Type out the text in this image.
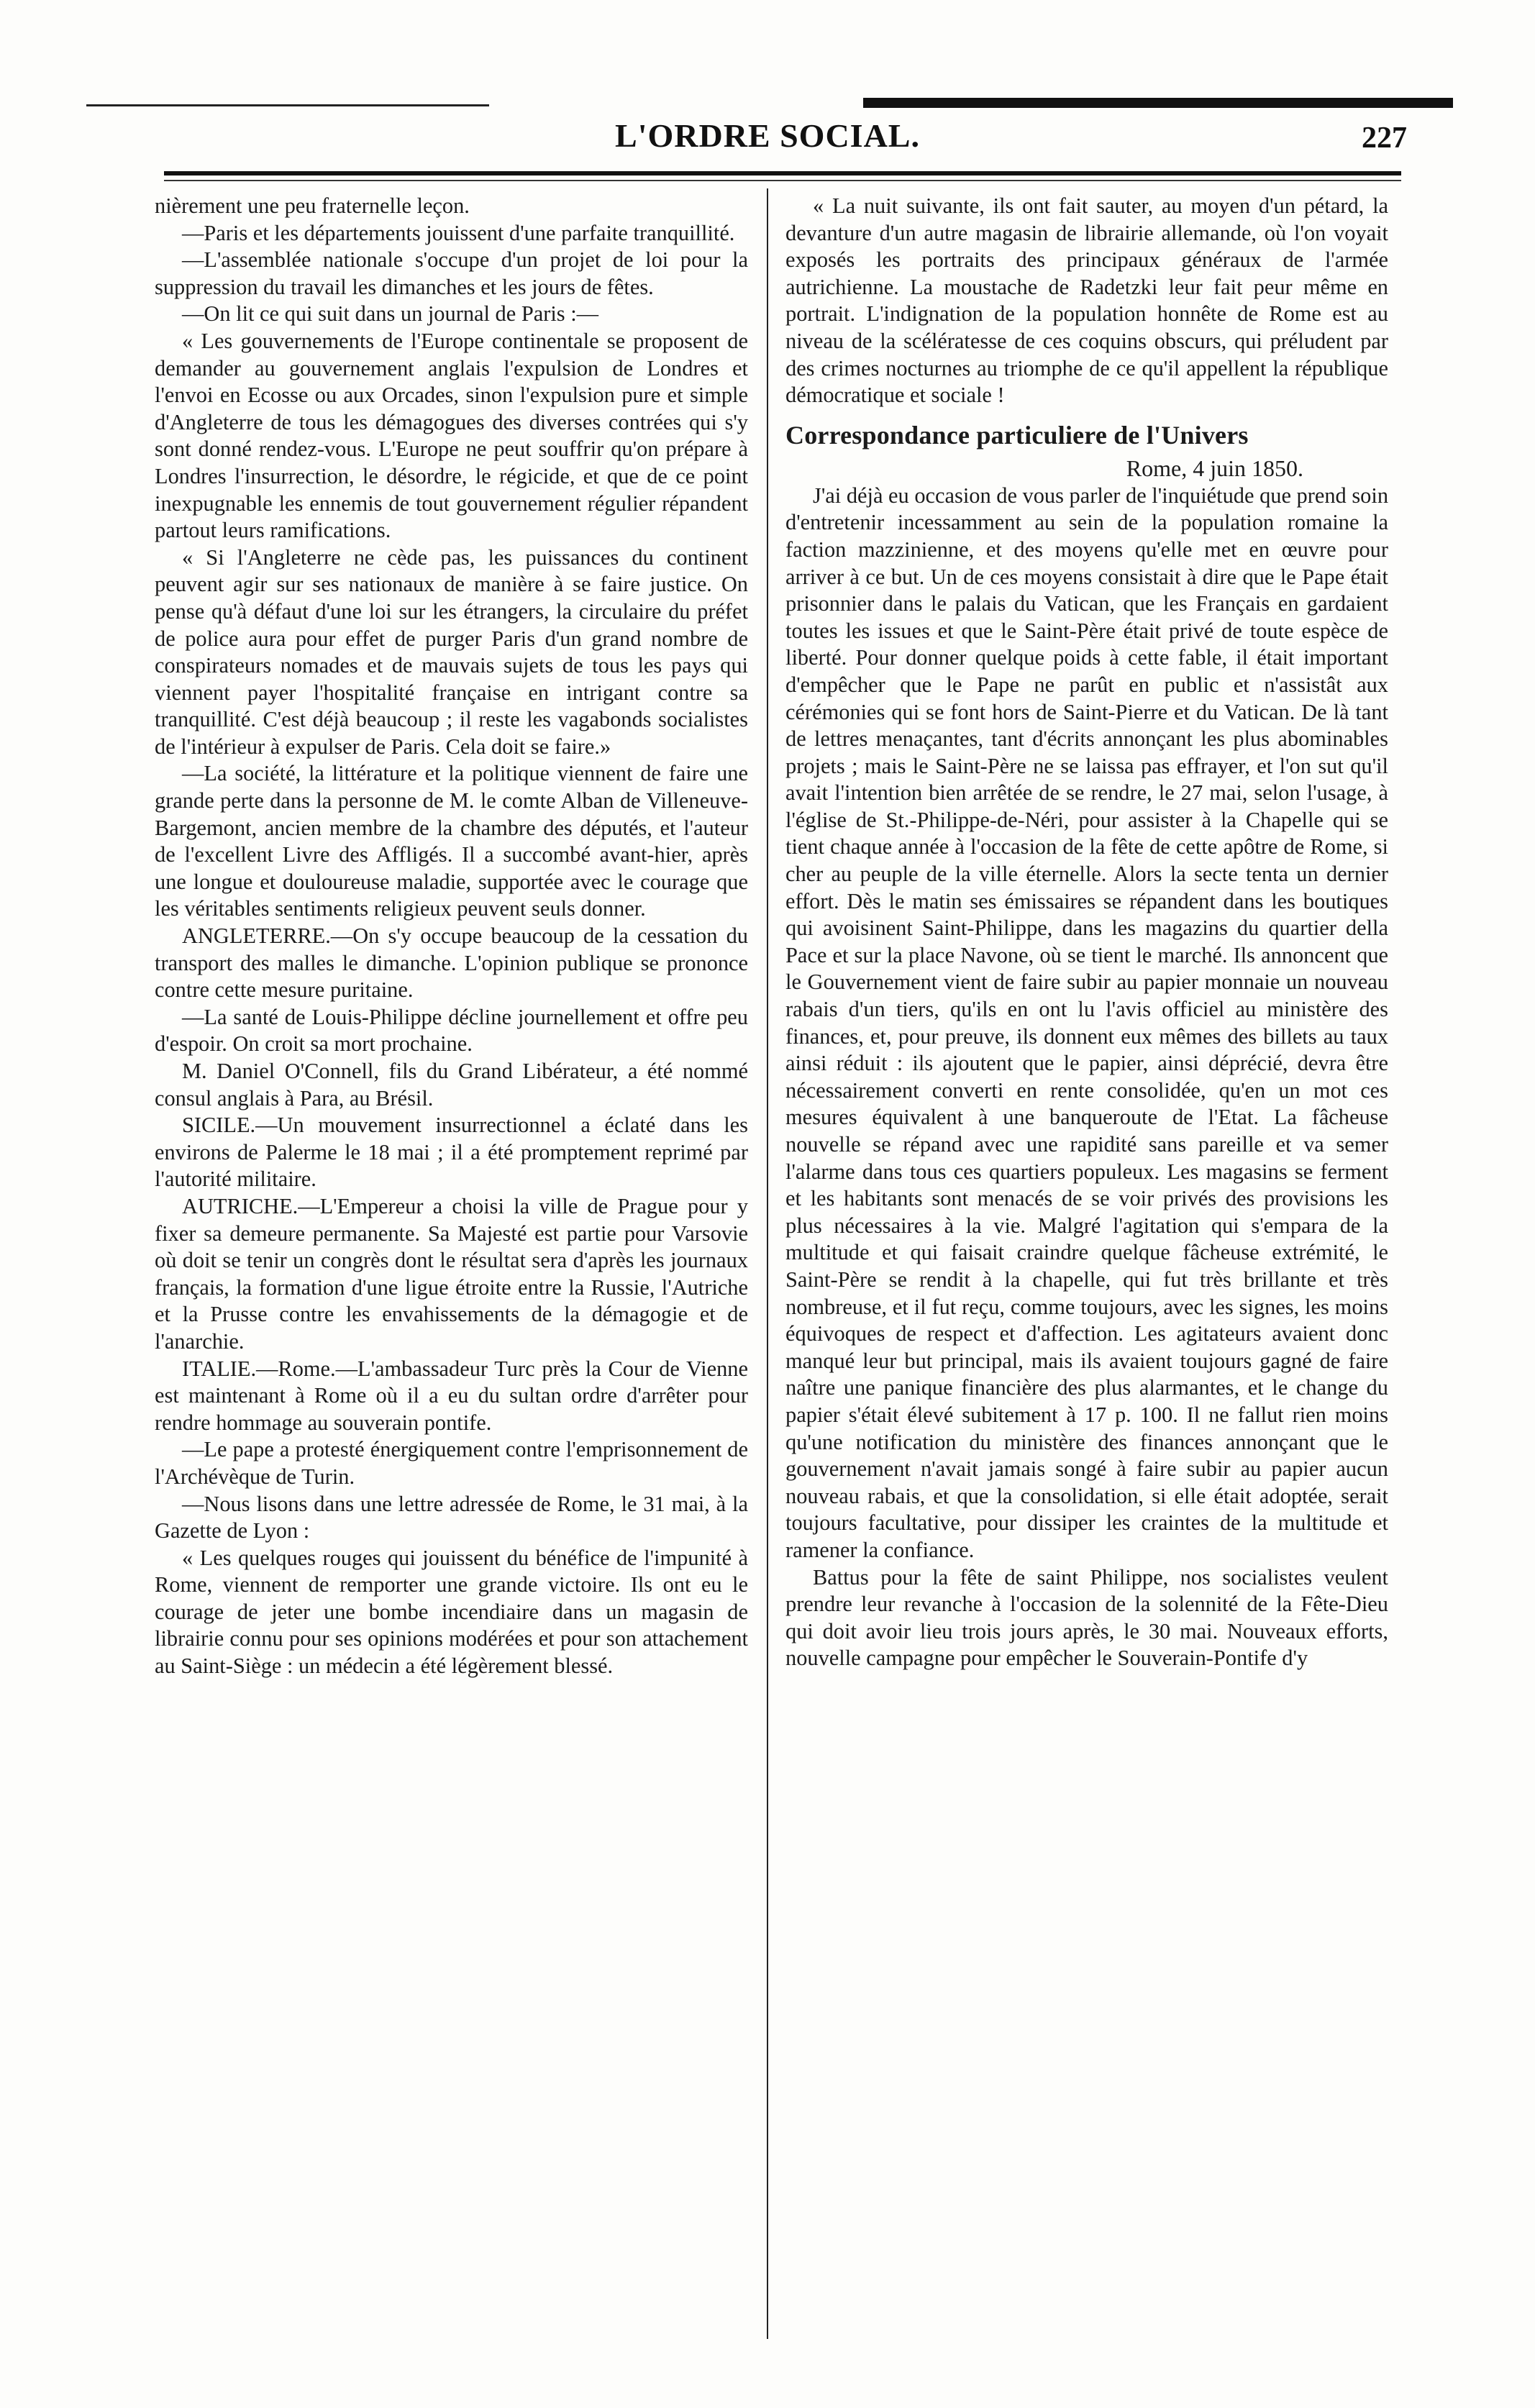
L'ORDRE SOCIAL.	227

nièrement une peu fraternelle leçon.

—Paris et les départements jouissent d'une parfaite tranquillité.

—L'assemblée nationale s'occupe d'un projet de loi pour la suppression du travail les dimanches et les jours de fêtes.

—On lit ce qui suit dans un journal de Paris :—

« Les gouvernements de l'Europe continentale se proposent de demander au gouvernement anglais l'expulsion de Londres et l'envoi en Ecosse ou aux Orcades, sinon l'expulsion pure et simple d'Angleterre de tous les démagogues des diverses contrées qui s'y sont donné rendez-vous. L'Europe ne peut souffrir qu'on prépare à Londres l'insurrection, le désordre, le régicide, et que de ce point inexpugnable les ennemis de tout gouvernement régulier répandent partout leurs ramifications.

« Si l'Angleterre ne cède pas, les puissances du continent peuvent agir sur ses nationaux de manière à se faire justice. On pense qu'à défaut d'une loi sur les étrangers, la circulaire du préfet de police aura pour effet de purger Paris d'un grand nombre de conspirateurs nomades et de mauvais sujets de tous les pays qui viennent payer l'hospitalité française en intrigant contre sa tranquillité. C'est déjà beaucoup ; il reste les vagabonds socialistes de l'intérieur à expulser de Paris. Cela doit se faire.»

—La société, la littérature et la politique viennent de faire une grande perte dans la personne de M. le comte Alban de Villeneuve-Bargemont, ancien membre de la chambre des députés, et l'auteur de l'excellent Livre des Affligés. Il a succombé avant-hier, après une longue et douloureuse maladie, supportée avec le courage que les véritables sentiments religieux peuvent seuls donner.

ANGLETERRE.—On s'y occupe beaucoup de la cessation du transport des malles le dimanche. L'opinion publique se prononce contre cette mesure puritaine.

—La santé de Louis-Philippe décline journellement et offre peu d'espoir. On croit sa mort prochaine.

M. Daniel O'Connell, fils du Grand Libérateur, a été nommé consul anglais à Para, au Brésil.

SICILE.—Un mouvement insurrectionnel a éclaté dans les environs de Palerme le 18 mai ; il a été promptement reprimé par l'autorité militaire.

AUTRICHE.—L'Empereur a choisi la ville de Prague pour y fixer sa demeure permanente. Sa Majesté est partie pour Varsovie où doit se tenir un congrès dont le résultat sera d'après les journaux français, la formation d'une ligue étroite entre la Russie, l'Autriche et la Prusse contre les envahissements de la démagogie et de l'anarchie.

ITALIE.—Rome.—L'ambassadeur Turc près la Cour de Vienne est maintenant à Rome où il a eu du sultan ordre d'arrêter pour rendre hommage au souverain pontife.

—Le pape a protesté énergiquement contre l'emprisonnement de l'Archévèque de Turin.

—Nous lisons dans une lettre adressée de Rome, le 31 mai, à la Gazette de Lyon :

« Les quelques rouges qui jouissent du bénéfice de l'impunité à Rome, viennent de remporter une grande victoire. Ils ont eu le courage de jeter une bombe incendiaire dans un magasin de librairie connu pour ses opinions modérées et pour son attachement au Saint-Siège : un médecin a été légèrement blessé.

« La nuit suivante, ils ont fait sauter, au moyen d'un pétard, la devanture d'un autre magasin de librairie allemande, où l'on voyait exposés les portraits des principaux généraux de l'armée autrichienne. La moustache de Radetzki leur fait peur même en portrait. L'indignation de la population honnête de Rome est au niveau de la scélératesse de ces coquins obscurs, qui préludent par des crimes nocturnes au triomphe de ce qu'il appellent la république démocratique et sociale !

Correspondance particuliere de l'Univers
Rome, 4 juin 1850.

J'ai déjà eu occasion de vous parler de l'inquiétude que prend soin d'entretenir incessamment au sein de la population romaine la faction mazzinienne, et des moyens qu'elle met en œuvre pour arriver à ce but. Un de ces moyens consistait à dire que le Pape était prisonnier dans le palais du Vatican, que les Français en gardaient toutes les issues et que le Saint-Père était privé de toute espèce de liberté. Pour donner quelque poids à cette fable, il était important d'empêcher que le Pape ne parût en public et n'assistât aux cérémonies qui se font hors de Saint-Pierre et du Vatican. De là tant de lettres menaçantes, tant d'écrits annonçant les plus abominables projets ; mais le Saint-Père ne se laissa pas effrayer, et l'on sut qu'il avait l'intention bien arrêtée de se rendre, le 27 mai, selon l'usage, à l'église de St.-Philippe-de-Néri, pour assister à la Chapelle qui se tient chaque année à l'occasion de la fête de cette apôtre de Rome, si cher au peuple de la ville éternelle. Alors la secte tenta un dernier effort. Dès le matin ses émissaires se répandent dans les boutiques qui avoisinent Saint-Philippe, dans les magazins du quartier della Pace et sur la place Navone, où se tient le marché. Ils annoncent que le Gouvernement vient de faire subir au papier monnaie un nouveau rabais d'un tiers, qu'ils en ont lu l'avis officiel au ministère des finances, et, pour preuve, ils donnent eux mêmes des billets au taux ainsi réduit : ils ajoutent que le papier, ainsi déprécié, devra être nécessairement converti en rente consolidée, qu'en un mot ces mesures équivalent à une banqueroute de l'Etat. La fâcheuse nouvelle se répand avec une rapidité sans pareille et va semer l'alarme dans tous ces quartiers populeux. Les magasins se ferment et les habitants sont menacés de se voir privés des provisions les plus nécessaires à la vie. Malgré l'agitation qui s'empara de la multitude et qui faisait craindre quelque fâcheuse extrémité, le Saint-Père se rendit à la chapelle, qui fut très brillante et très nombreuse, et il fut reçu, comme toujours, avec les signes, les moins équivoques de respect et d'affection. Les agitateurs avaient donc manqué leur but principal, mais ils avaient toujours gagné de faire naître une panique financière des plus alarmantes, et le change du papier s'était élevé subitement à 17 p. 100. Il ne fallut rien moins qu'une notification du ministère des finances annonçant que le gouvernement n'avait jamais songé à faire subir au papier aucun nouveau rabais, et que la consolidation, si elle était adoptée, serait toujours facultative, pour dissiper les craintes de la multitude et ramener la confiance.

Battus pour la fête de saint Philippe, nos socialistes veulent prendre leur revanche à l'occasion de la solennité de la Fête-Dieu qui doit avoir lieu trois jours après, le 30 mai. Nouveaux efforts, nouvelle campagne pour empêcher le Souverain-Pontife d'y
